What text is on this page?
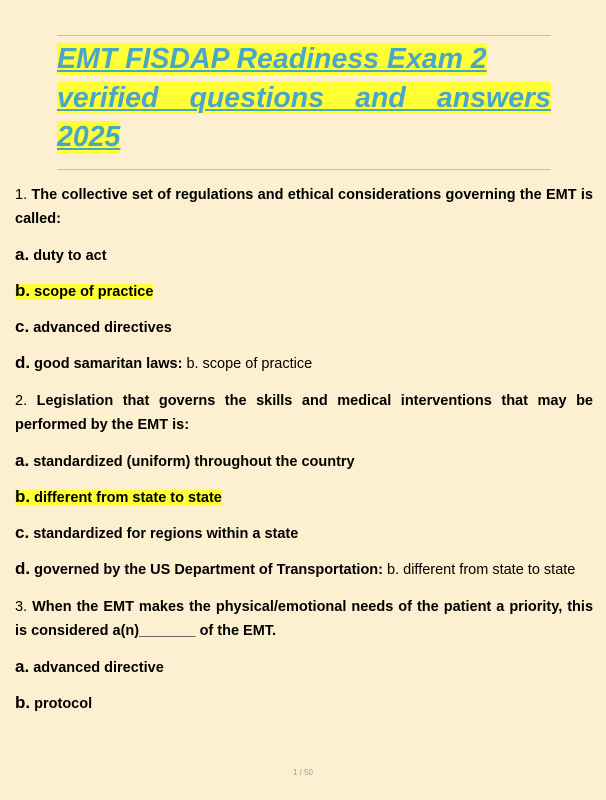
EMT FISDAP Readiness Exam 2
verified questions and answers 2025

1. The collective set of regulations and ethical considerations governing the EMT is called:

a. duty to act

b. scope of practice

c. advanced directives

d. good samaritan laws: b. scope of practice

2. Legislation that governs the skills and medical interventions that may be performed by the EMT is:

a. standardized (uniform) throughout the country

b. different from state to state

c. standardized for regions within a state

d. governed by the US Department of Transportation: b. different from state to state

3. When the EMT makes the physical/emotional needs of the patient a priority, this is considered a(n)_______ of the EMT.

a. advanced directive

b. protocol

1 / 50
